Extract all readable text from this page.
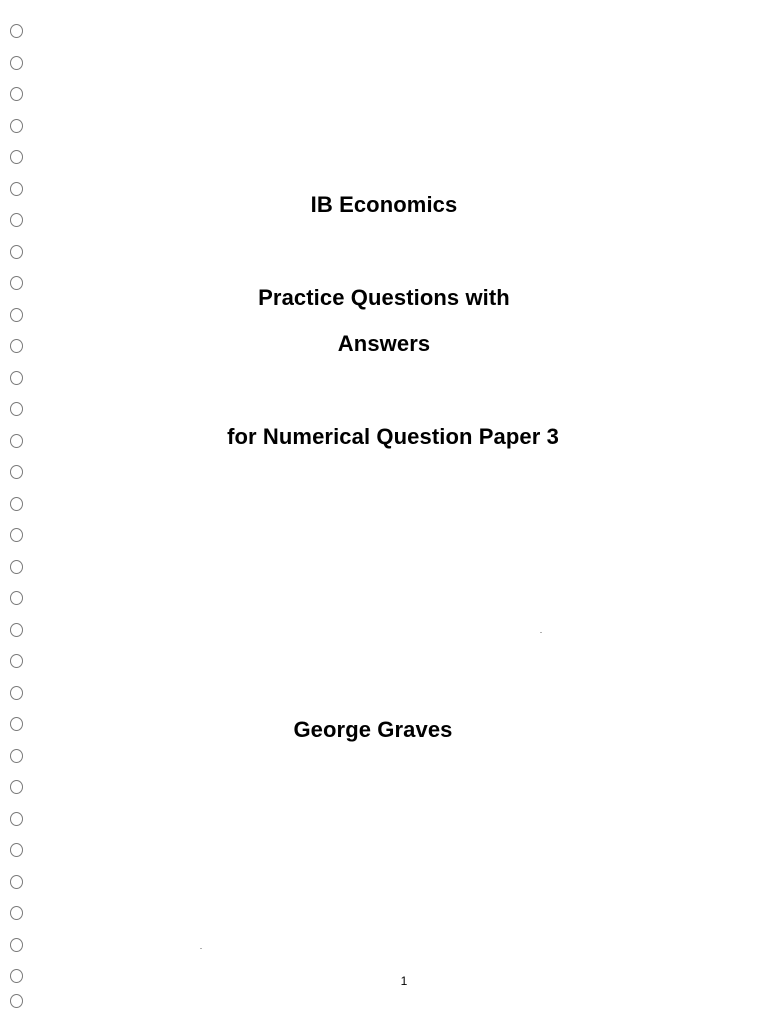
IB Economics
Practice Questions with
Answers
for Numerical Question Paper 3
George Graves
1
